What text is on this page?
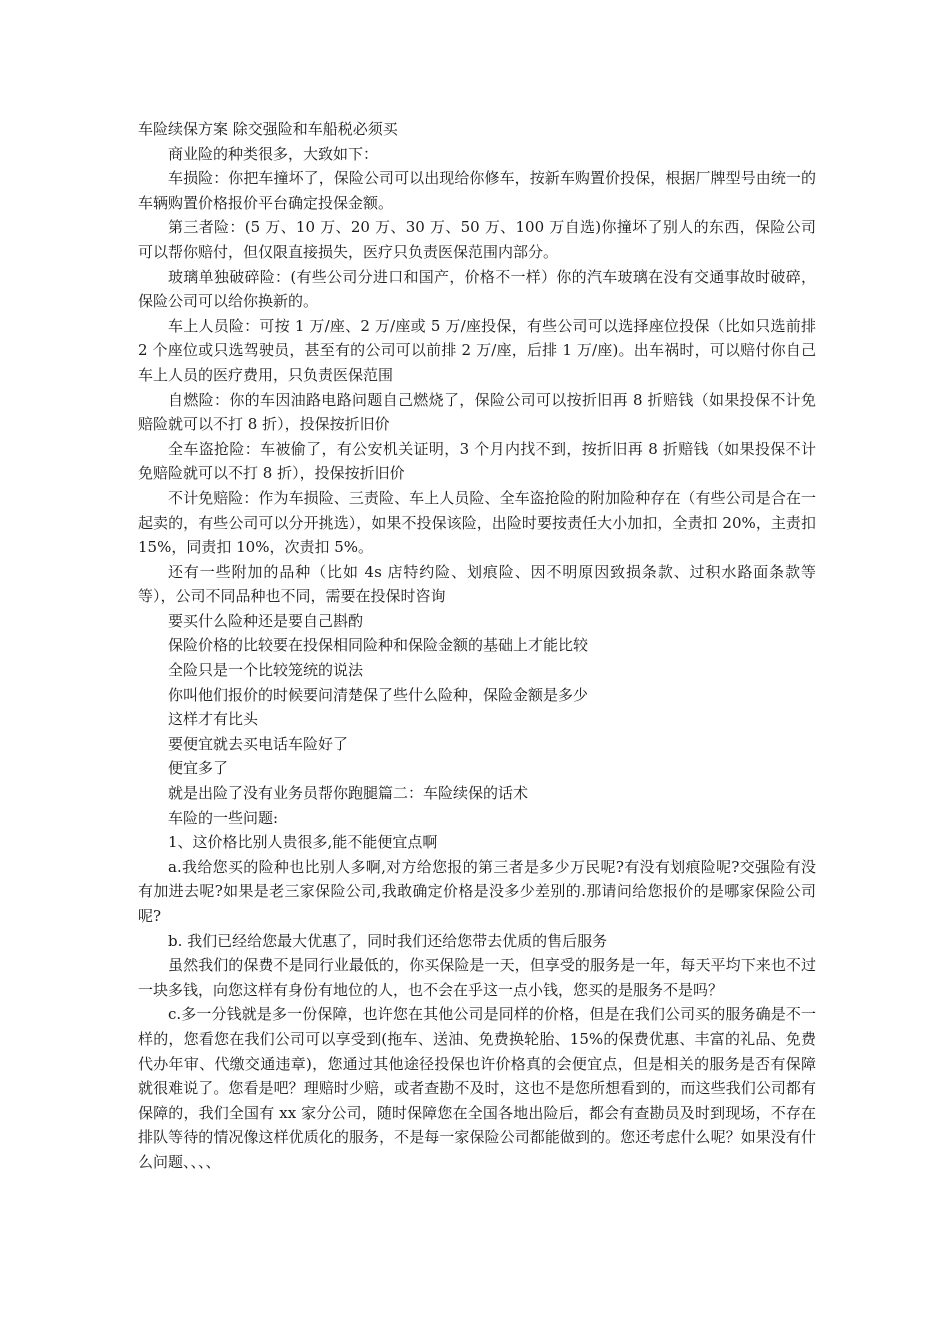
车险续保方案 除交强险和车船税必须买

商业险的种类很多，大致如下：

车损险：你把车撞坏了，保险公司可以出现给你修车，按新车购置价投保，根据厂牌型号由统一的车辆购置价格报价平台确定投保金额。

第三者险：(5 万、10 万、20 万、30 万、50 万、100 万自选)你撞坏了别人的东西，保险公司可以帮你赔付，但仅限直接损失，医疗只负责医保范围内部分。

玻璃单独破碎险：(有些公司分进口和国产，价格不一样）你的汽车玻璃在没有交通事故时破碎，保险公司可以给你换新的。

车上人员险：可按 1 万/座、2 万/座或 5 万/座投保，有些公司可以选择座位投保（比如只选前排 2 个座位或只选驾驶员，甚至有的公司可以前排 2 万/座，后排 1 万/座)。出车祸时，可以赔付你自己车上人员的医疗费用，只负责医保范围

自燃险：你的车因油路电路问题自己燃烧了，保险公司可以按折旧再 8 折赔钱（如果投保不计免赔险就可以不打 8 折），投保按折旧价

全车盗抢险：车被偷了，有公安机关证明，3 个月内找不到，按折旧再 8 折赔钱（如果投保不计免赔险就可以不打 8 折），投保按折旧价

不计免赔险：作为车损险、三责险、车上人员险、全车盗抢险的附加险种存在（有些公司是合在一起卖的，有些公司可以分开挑选），如果不投保该险，出险时要按责任大小加扣，全责扣 20%，主责扣 15%，同责扣 10%，次责扣 5%。

还有一些附加的品种（比如 4s 店特约险、划痕险、因不明原因致损条款、过积水路面条款等等），公司不同品种也不同，需要在投保时咨询

要买什么险种还是要自己斟酌

保险价格的比较要在投保相同险种和保险金额的基础上才能比较

全险只是一个比较笼统的说法

你叫他们报价的时候要问清楚保了些什么险种，保险金额是多少

这样才有比头

要便宜就去买电话车险好了

便宜多了

就是出险了没有业务员帮你跑腿篇二：车险续保的话术

车险的一些问题:

1、这价格比别人贵很多,能不能便宜点啊

a.我给您买的险种也比别人多啊,对方给您报的第三者是多少万民呢?有没有划痕险呢?交强险有没有加进去呢?如果是老三家保险公司,我敢确定价格是没多少差别的.那请问给您报价的是哪家保险公司呢?

b. 我们已经给您最大优惠了，同时我们还给您带去优质的售后服务

虽然我们的保费不是同行业最低的，你买保险是一天，但享受的服务是一年，每天平均下来也不过一块多钱，向您这样有身份有地位的人，也不会在乎这一点小钱，您买的是服务不是吗？

c.多一分钱就是多一份保障，也许您在其他公司是同样的价格，但是在我们公司买的服务确是不一样的，您看您在我们公司可以享受到(拖车、送油、免费换轮胎、15%的保费优惠、丰富的礼品、免费代办年审、代缴交通违章)，您通过其他途径投保也许价格真的会便宜点，但是相关的服务是否有保障就很难说了。您看是吧？理赔时少赔，或者查勘不及时，这也不是您所想看到的，而这些我们公司都有保障的，我们全国有 xx 家分公司，随时保障您在全国各地出险后，都会有查勘员及时到现场，不存在排队等待的情况像这样优质化的服务，不是每一家保险公司都能做到的。您还考虑什么呢？如果没有什么问题、、、、
